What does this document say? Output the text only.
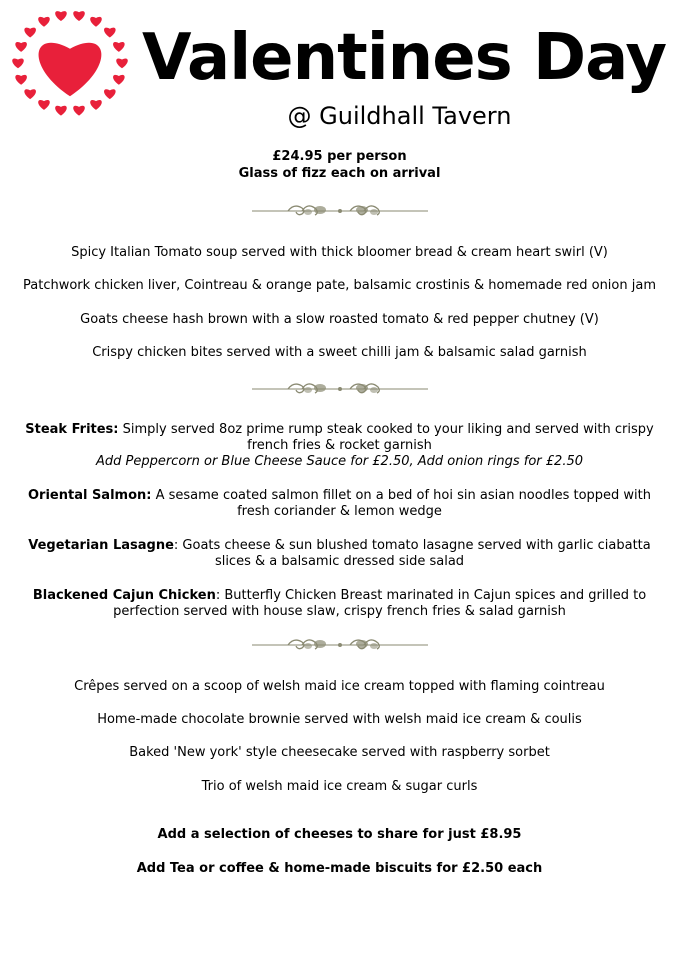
Valentines Day
@ Guildhall Tavern
£24.95 per person
Glass of fizz each on arrival
Spicy Italian Tomato soup served with thick bloomer bread & cream heart swirl (V)
Patchwork chicken liver, Cointreau & orange pate, balsamic crostinis & homemade red onion jam
Goats cheese hash brown with a slow roasted tomato & red pepper chutney (V)
Crispy chicken bites served with a sweet chilli jam & balsamic salad garnish
Steak Frites: Simply served 8oz prime rump steak cooked to your liking and served with crispy french fries & rocket garnish
Add Peppercorn or Blue Cheese Sauce for £2.50, Add onion rings for £2.50
Oriental Salmon: A sesame coated salmon fillet on a bed of hoi sin asian noodles topped with fresh coriander & lemon wedge
Vegetarian Lasagne: Goats cheese & sun blushed tomato lasagne served with garlic ciabatta slices & a balsamic dressed side salad
Blackened Cajun Chicken: Butterfly Chicken Breast marinated in Cajun spices and grilled to perfection served with house slaw, crispy french fries & salad garnish
Crêpes served on a scoop of welsh maid ice cream topped with flaming cointreau
Home-made chocolate brownie served with welsh maid ice cream & coulis
Baked 'New york' style cheesecake served with raspberry sorbet
Trio of welsh maid ice cream & sugar curls
Add a selection of cheeses to share for just £8.95
Add Tea or coffee & home-made biscuits for £2.50 each
